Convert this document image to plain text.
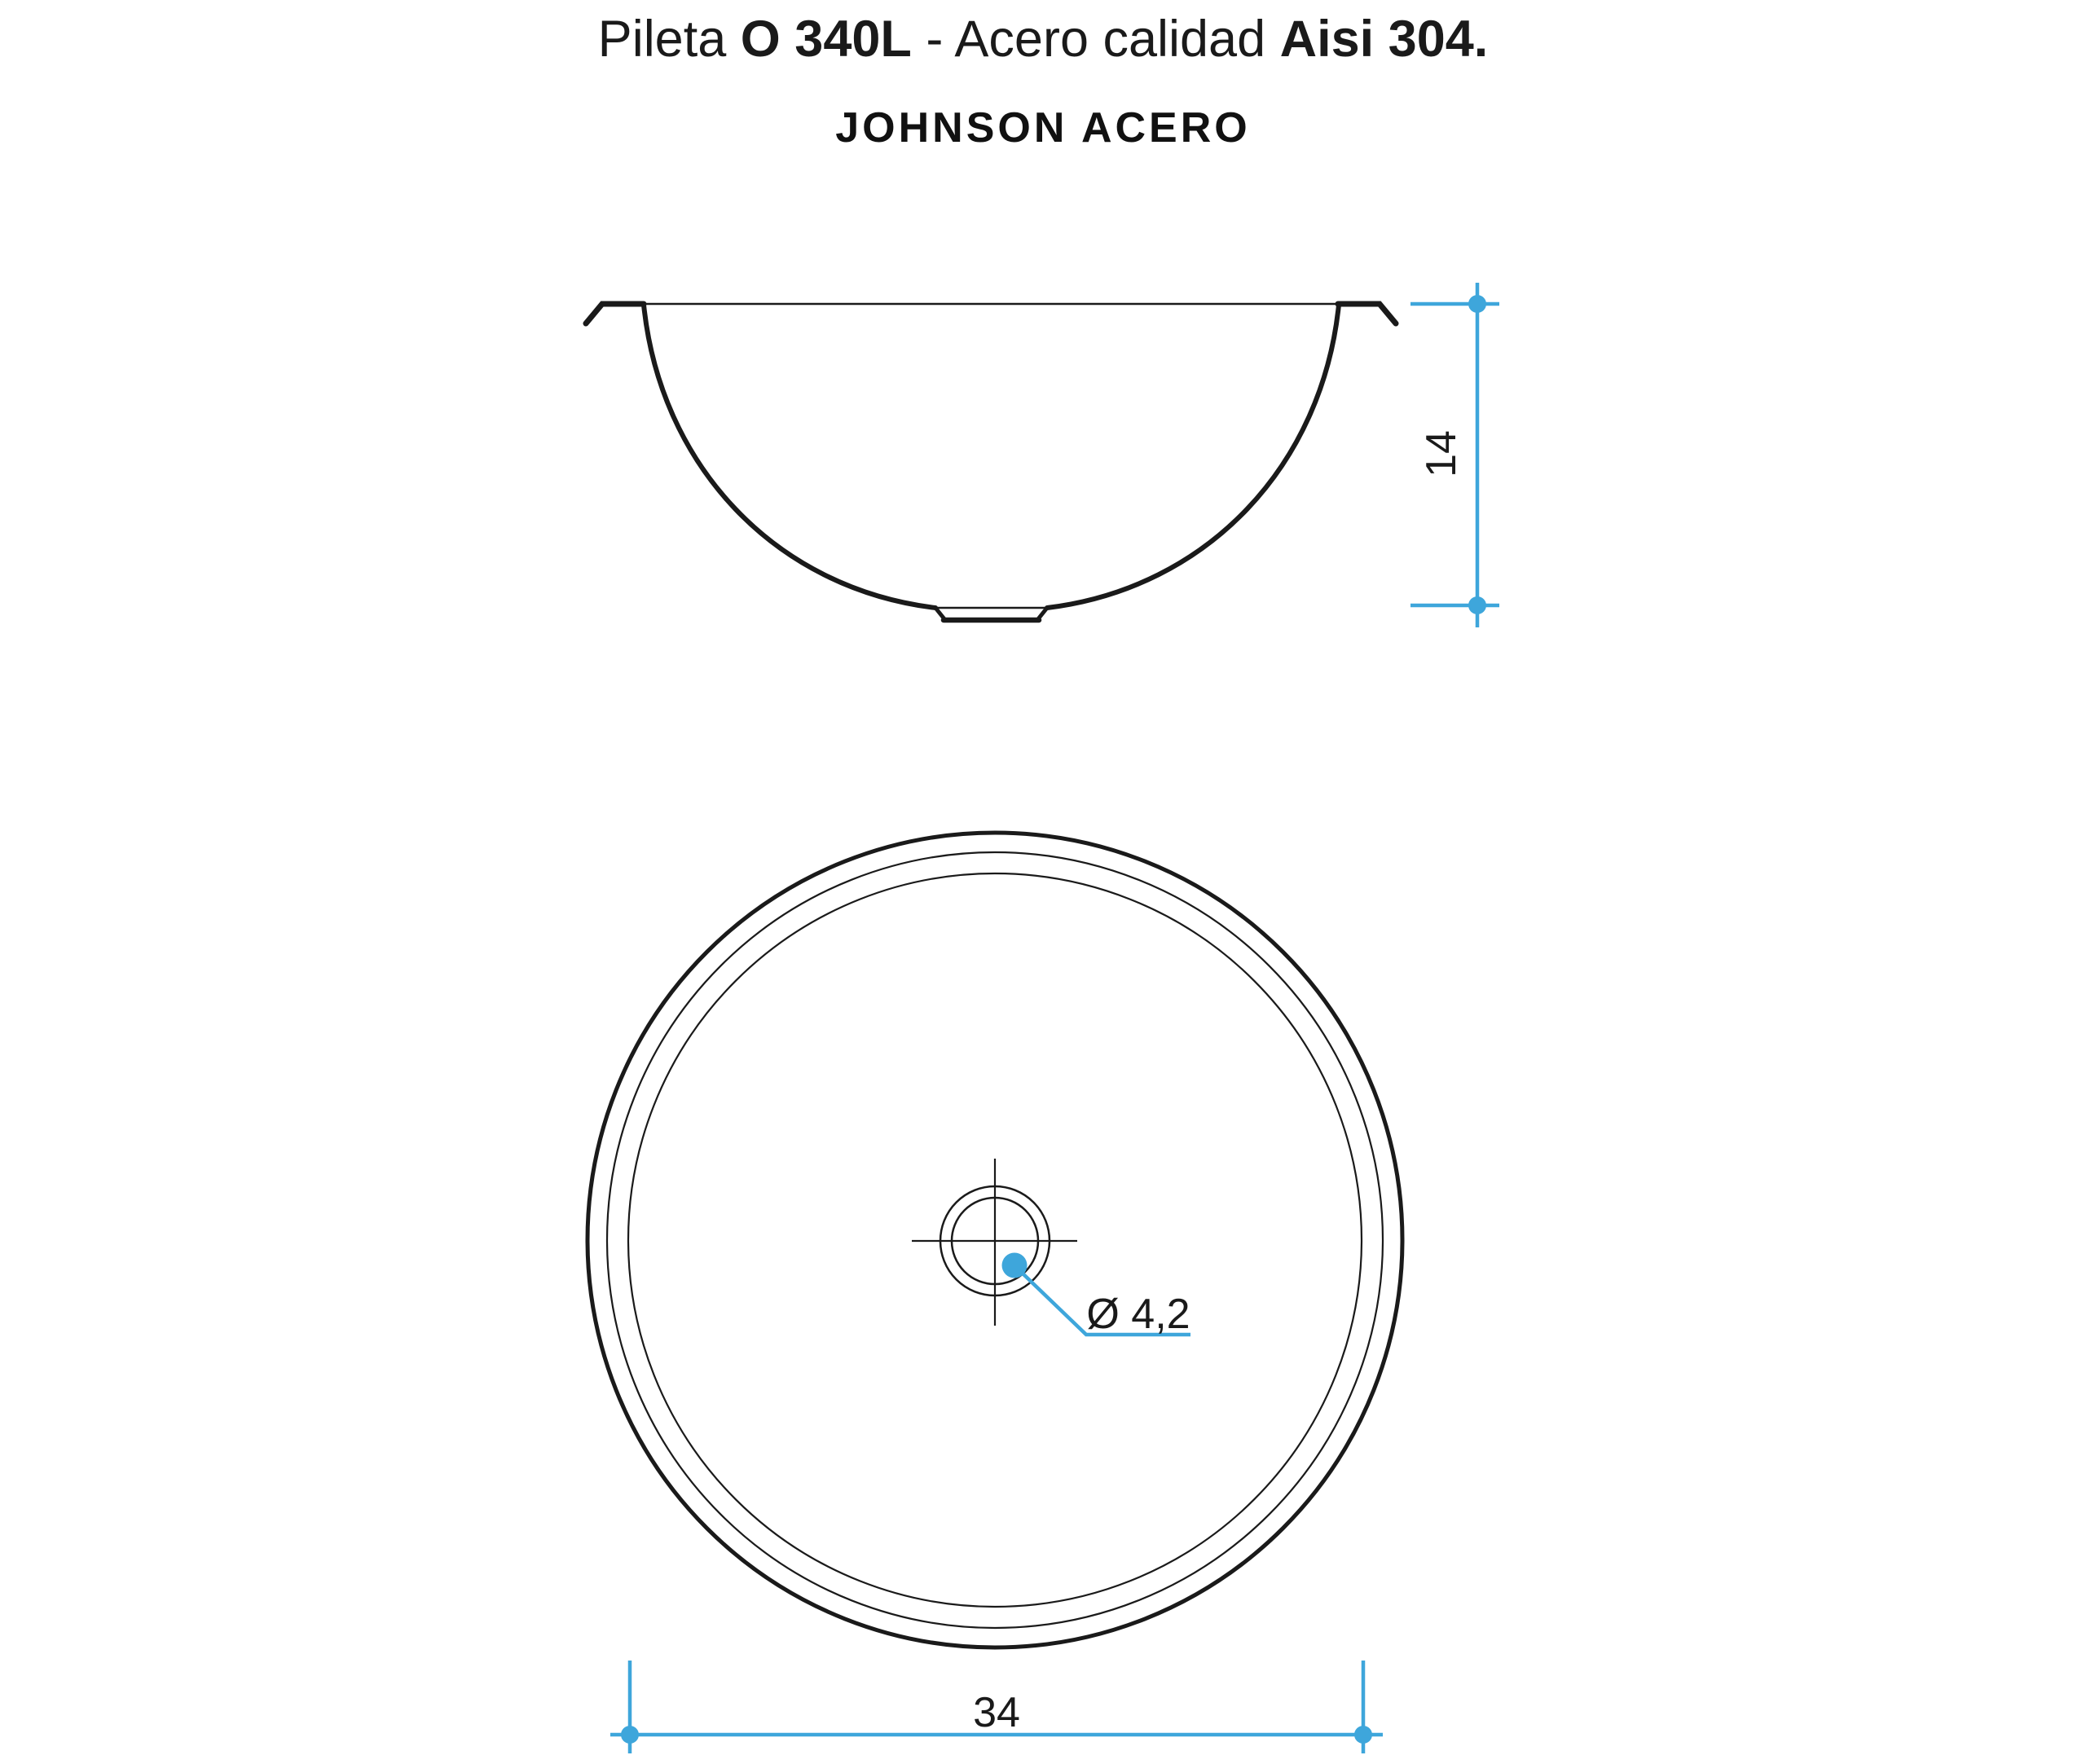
Pileta O 340L - Acero calidad Aisi 304.
JOHNSON ACERO
14
Ø 4,2
34
